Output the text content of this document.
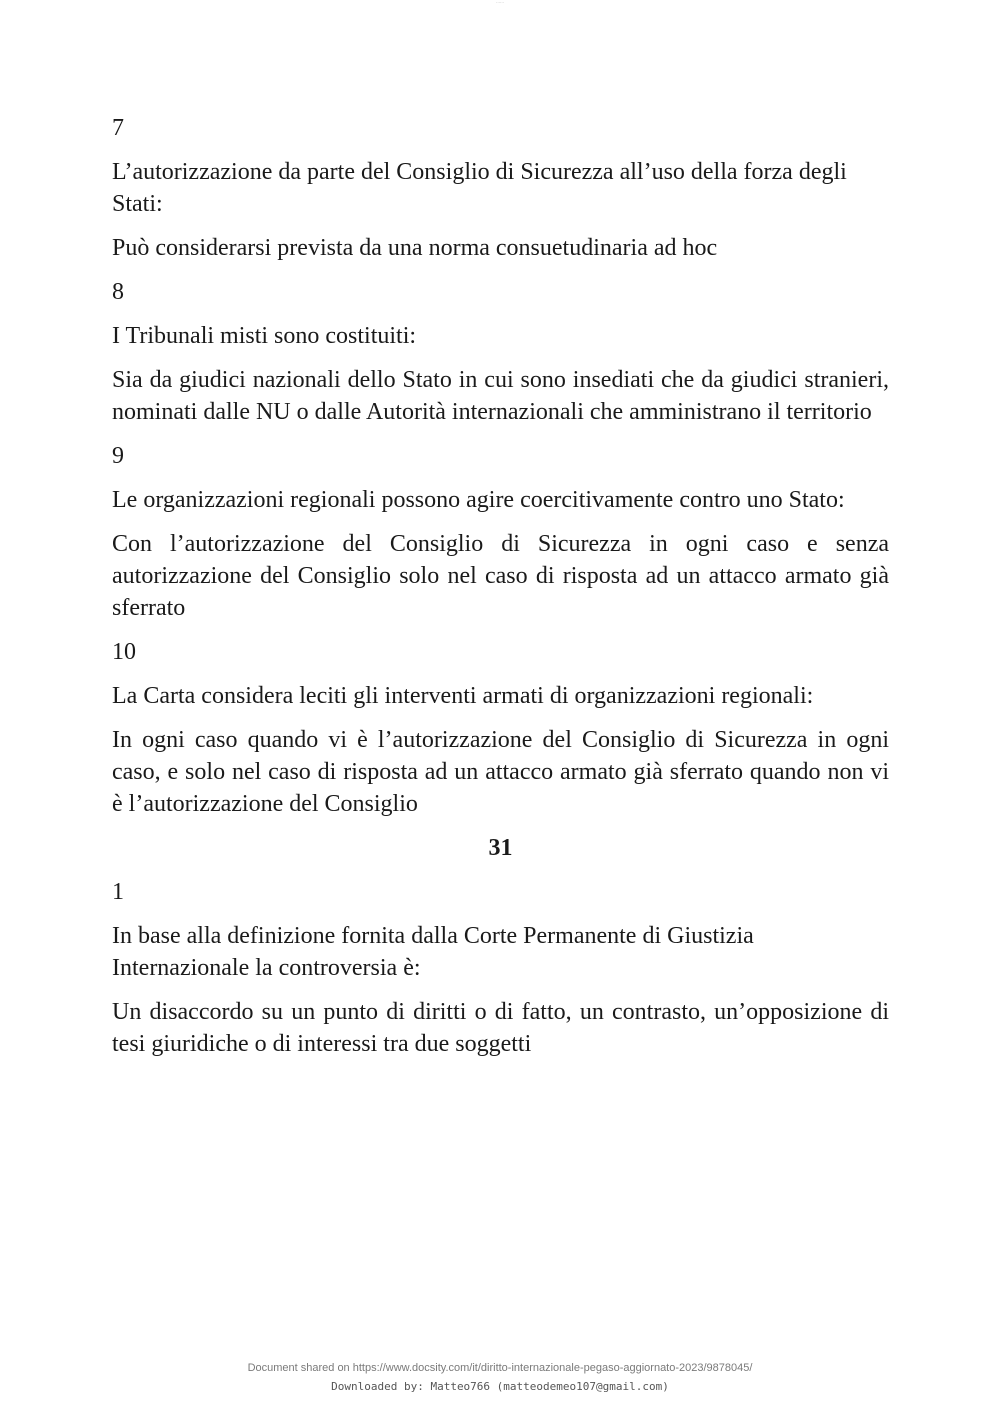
······
7
L’autorizzazione da parte del Consiglio di Sicurezza all’uso della forza degli Stati:
Può considerarsi prevista da una norma consuetudinaria ad hoc
8
I Tribunali misti sono costituiti:
Sia da giudici nazionali dello Stato in cui sono insediati che da giudici stranieri, nominati dalle NU o dalle Autorità internazionali che amministrano il territorio
9
Le organizzazioni regionali possono agire coercitivamente contro uno Stato:
Con l’autorizzazione del Consiglio di Sicurezza in ogni caso e senza autorizzazione del Consiglio solo nel caso di risposta ad un attacco armato già sferrato
10
La Carta considera leciti gli interventi armati di organizzazioni regionali:
In ogni caso quando vi è l’autorizzazione del Consiglio di Sicurezza in ogni caso, e solo nel caso di risposta ad un attacco armato già sferrato quando non vi è l’autorizzazione del Consiglio
31
1
In base alla definizione fornita dalla Corte Permanente di Giustizia Internazionale la controversia è:
Un disaccordo su un punto di diritti o di fatto, un contrasto, un’opposizione di tesi giuridiche o di interessi tra due soggetti
Document shared on https://www.docsity.com/it/diritto-internazionale-pegaso-aggiornato-2023/9878045/
Downloaded by: Matteo766 (matteodemeo107@gmail.com)
